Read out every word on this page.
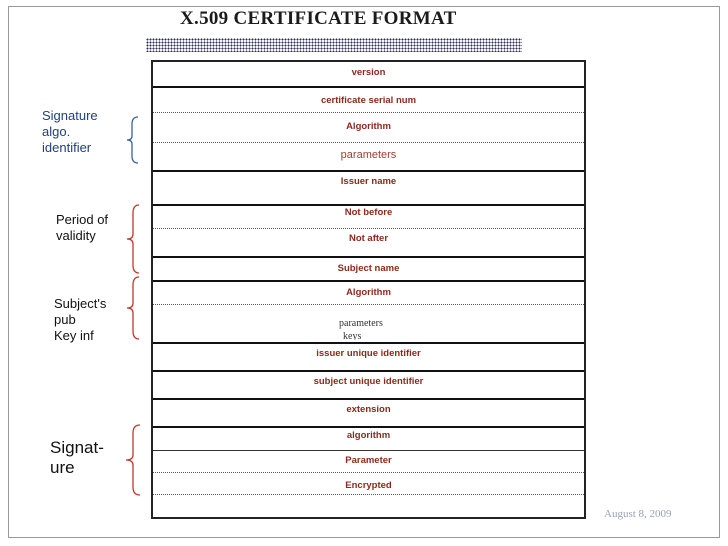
X.509 CERTIFICATE FORMAT
version
certificate serial num
Algorithm
parameters
Issuer name
Not before
Not after
Subject name
Algorithm
parameters
keys
issuer unique identifier
subject unique identifier
extension
algorithm
Parameter
Encrypted
Signature
algo.
identifier
Period of
validity
Subject's
pub
Key inf
Signat-
ure
August 8, 2009
